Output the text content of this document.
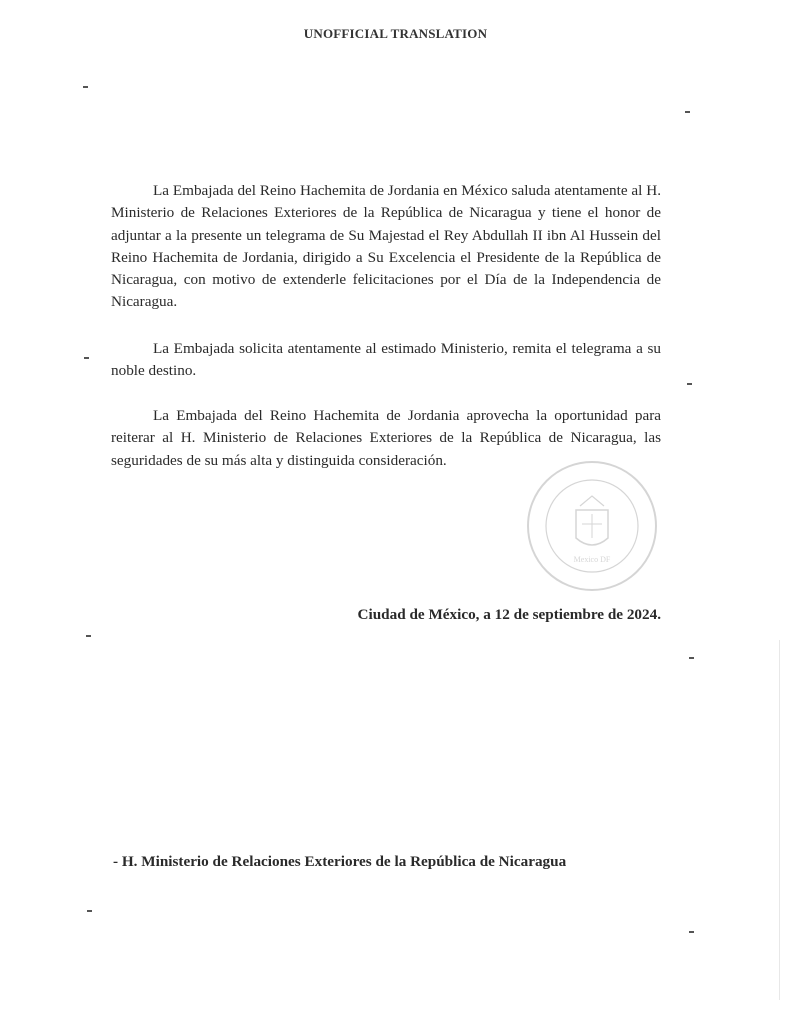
UNOFFICIAL TRANSLATION

La Embajada del Reino Hachemita de Jordania en México saluda atentamente al H. Ministerio de Relaciones Exteriores de la República de Nicaragua y tiene el honor de adjuntar a la presente un telegrama de Su Majestad el Rey Abdullah II ibn Al Hussein del Reino Hachemita de Jordania, dirigido a Su Excelencia el Presidente de la República de Nicaragua, con motivo de extenderle felicitaciones por el Día de la Independencia de Nicaragua.

La Embajada solicita atentamente al estimado Ministerio, remita el telegrama a su noble destino.

La Embajada del Reino Hachemita de Jordania aprovecha la oportunidad para reiterar al H. Ministerio de Relaciones Exteriores de la República de Nicaragua, las seguridades de su más alta y distinguida consideración.

Mexico DF
Ciudad de México, a 12 de septiembre de 2024.
- H. Ministerio de Relaciones Exteriores de la República de Nicaragua
